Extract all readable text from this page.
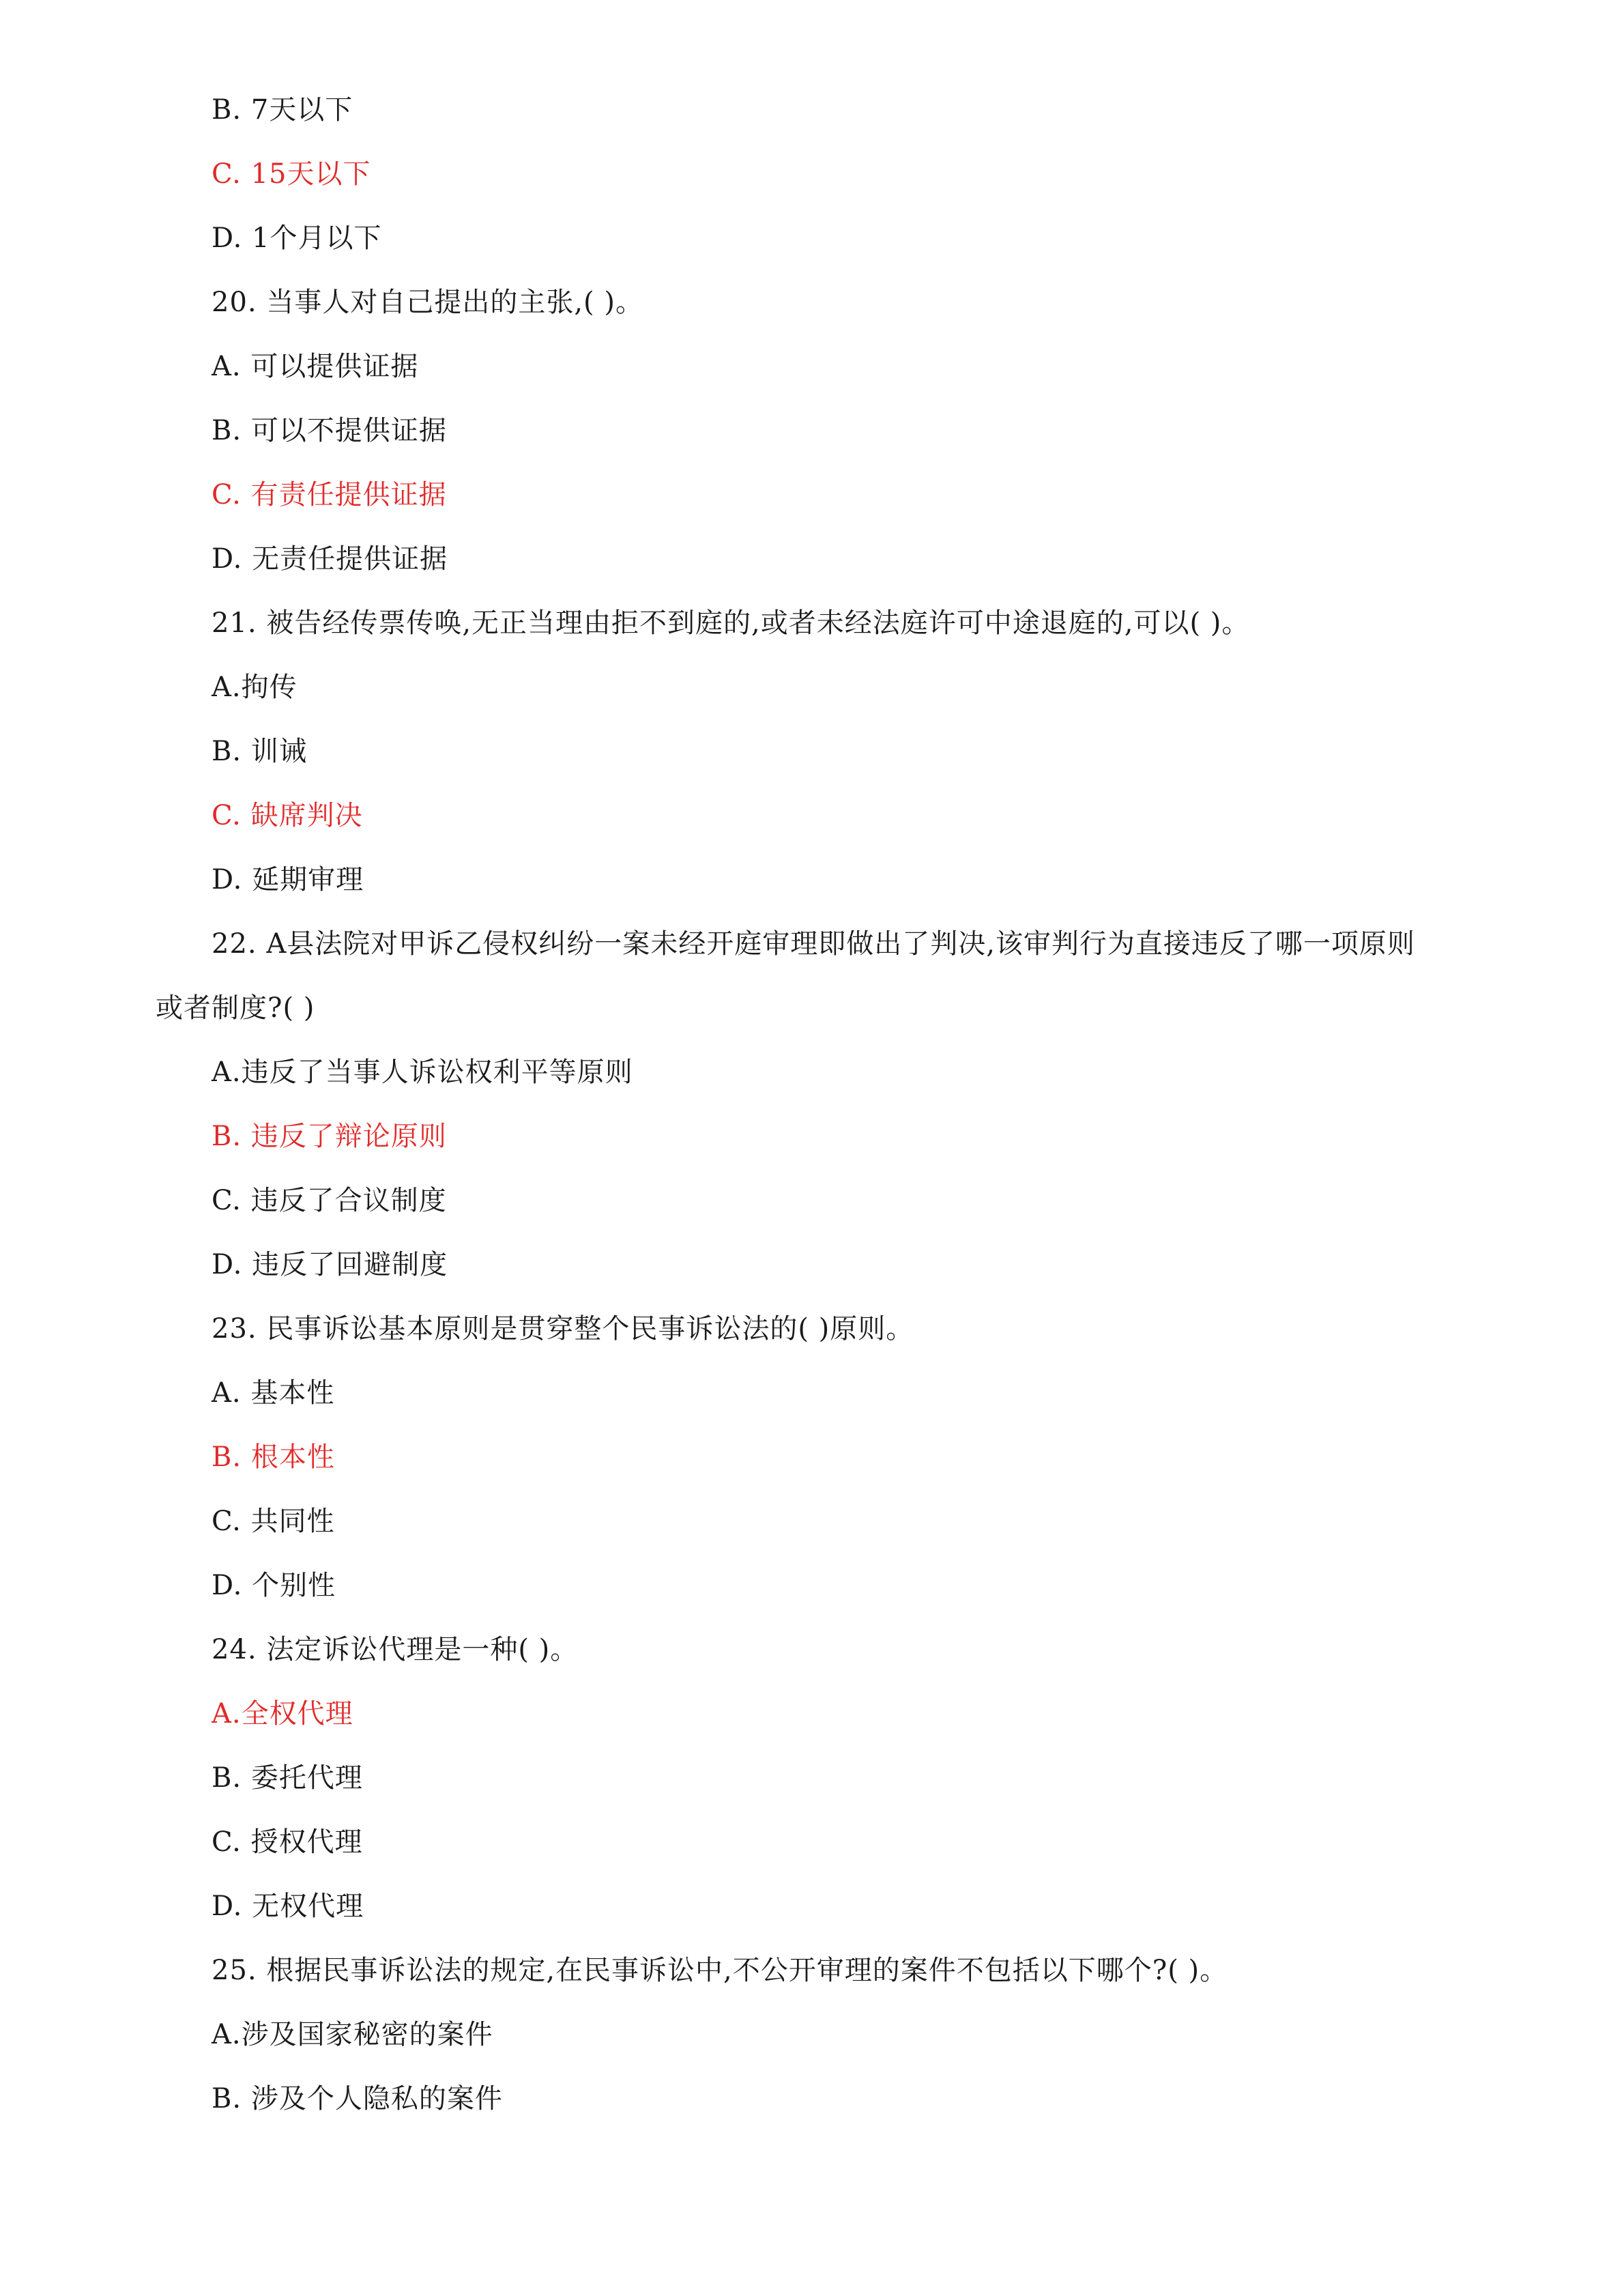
B. 7天以下
C. 15天以下
D. 1个月以下
20. 当事人对自己提出的主张,( )。
A. 可以提供证据
B. 可以不提供证据
C. 有责任提供证据
D. 无责任提供证据
21. 被告经传票传唤,无正当理由拒不到庭的,或者未经法庭许可中途退庭的,可以( )。
A.拘传
B. 训诫
C. 缺席判决
D. 延期审理
22. A县法院对甲诉乙侵权纠纷一案未经开庭审理即做出了判决,该审判行为直接违反了哪一项原则
或者制度?( )
A.违反了当事人诉讼权利平等原则
B. 违反了辩论原则
C. 违反了合议制度
D. 违反了回避制度
23. 民事诉讼基本原则是贯穿整个民事诉讼法的( )原则。
A. 基本性
B. 根本性
C. 共同性
D. 个别性
24. 法定诉讼代理是一种( )。
A.全权代理
B. 委托代理
C. 授权代理
D. 无权代理
25. 根据民事诉讼法的规定,在民事诉讼中,不公开审理的案件不包括以下哪个?( )。
A.涉及国家秘密的案件
B. 涉及个人隐私的案件
